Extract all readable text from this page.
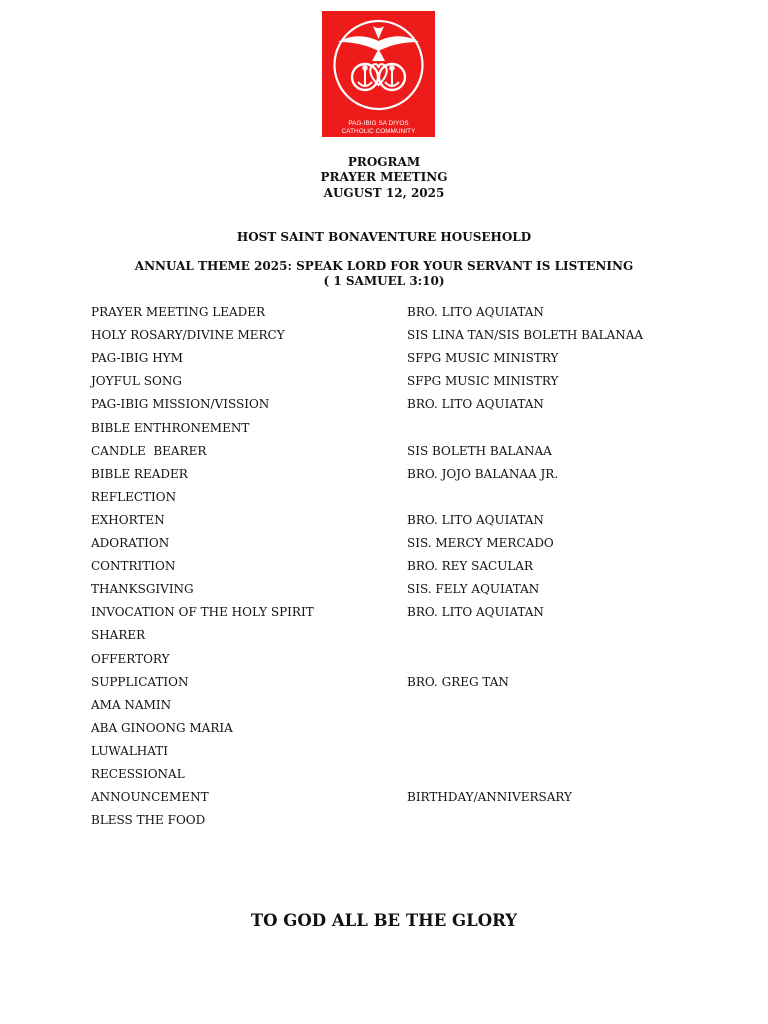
PAG-IBIG SA DIYOS
CATHOLIC COMMUNITY
PROGRAM
PRAYER MEETING
AUGUST 12, 2025
HOST SAINT BONAVENTURE HOUSEHOLD
ANNUAL THEME 2025: SPEAK LORD FOR YOUR SERVANT IS LISTENING
( 1 SAMUEL 3:10)
PRAYER MEETING LEADER	BRO. LITO AQUIATAN
HOLY ROSARY/DIVINE MERCY	SIS LINA TAN/SIS BOLETH BALANAA
PAG-IBIG HYM	SFPG MUSIC MINISTRY
JOYFUL SONG	SFPG MUSIC MINISTRY
PAG-IBIG MISSION/VISSION	BRO. LITO AQUIATAN
BIBLE ENTHRONEMENT
CANDLE  BEARER	SIS BOLETH BALANAA
BIBLE READER	BRO. JOJO BALANAA JR.
REFLECTION
EXHORTEN	BRO. LITO AQUIATAN
ADORATION	SIS. MERCY MERCADO
CONTRITION	BRO. REY SACULAR
THANKSGIVING	SIS. FELY AQUIATAN
INVOCATION OF THE HOLY SPIRIT	BRO. LITO AQUIATAN
SHARER
OFFERTORY
SUPPLICATION	BRO. GREG TAN
AMA NAMIN
ABA GINOONG MARIA
LUWALHATI
RECESSIONAL
ANNOUNCEMENT	BIRTHDAY/ANNIVERSARY
BLESS THE FOOD
TO GOD ALL BE THE GLORY
